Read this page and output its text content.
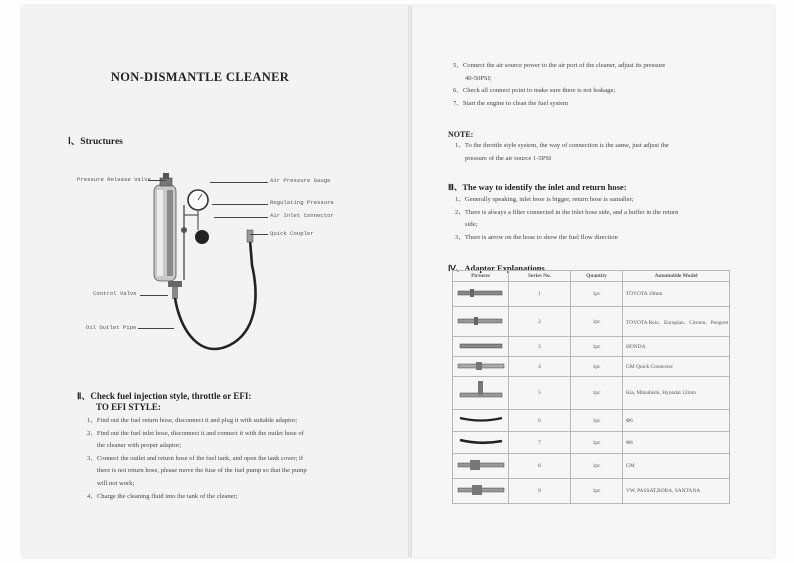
NON-DISMANTLE CLEANER
Ⅰ、Structures
Pressure Release Valve	Air Pressure Gauge
Regulating Pressure
Air Inlet Connector
Quick Coupler
Control Valve
Oil Outlet Pipe
Ⅱ、Check fuel injection style, throttle or EFI:
TO EFI STYLE:
1、Find out the fuel return hose, disconnect it and plug it with suitable adaptor;
2、Find out the fuel inlet hose, disconnect it and connect it with the outlet hose of
the cleaner with proper adaptor;
3、Connect the outlet and return hose of the fuel tank, and open the tank cover; if
there is not return hose, please move the fuse of the fuel pump so that the pump
will not work;
4、Charge the cleaning fluid into the tank of the cleaner;
5、Connect the air source power to the air port of the cleaner, adjust its pressure
40-50PSI;
6、Check all connect point to make sure there is not leakage;
7、Start the engine to clean the fuel system
NOTE:
1、To the throttle style system, the way of connection is the same, just adjust the
pressure of the air source 1-5PSI
Ⅲ、The way to identify the inlet and return hose:
1、Generally speaking, inlet hose is bigger, return hose is samaller;
2、There is always a filter connected in the inlet hose side, and a buffer in the return
side;
3、There is arrow on the hose to show the fuel flow direction
Ⅳ、Adaptor Explanations
Pictures	Series No.	Quantity	Automobile Model
	1	1pc	TOYOTA 10mm
	2	1pc	TOYOTA Reiz、Europian、Citroen、Peugeot
	3	1pc	HONDA
	4	1pc	GM Quick Connector
	5	1pc	Kia, Mitsubishi, Hyundai 12mm
	6	1pc	Φ6
	7	1pc	Φ8
	8	1pc	GM
	9	1pc	VW, PASSAT,BORA, SANTANA
